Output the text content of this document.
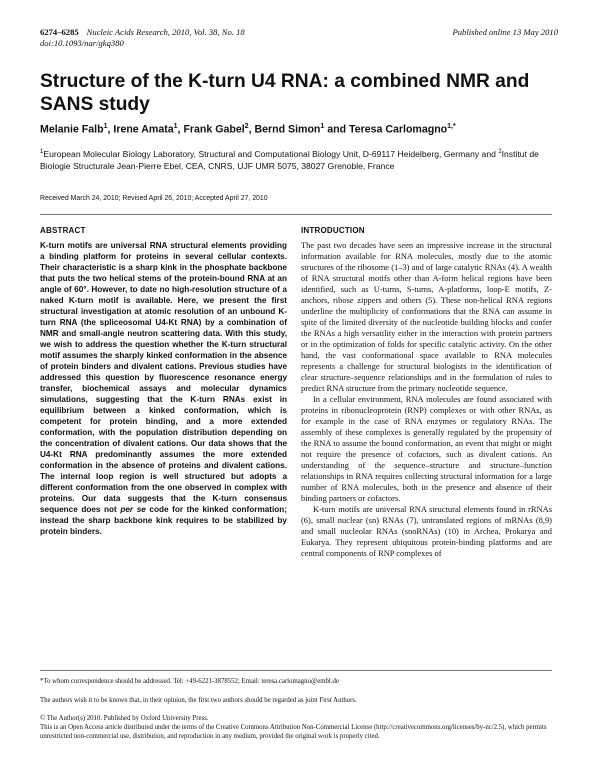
6274–6285 Nucleic Acids Research, 2010, Vol. 38, No. 18
doi:10.1093/nar/gkq380
Published online 13 May 2010
Structure of the K-turn U4 RNA: a combined NMR and SANS study
Melanie Falb$^1$, Irene Amata$^1$, Frank Gabel$^2$, Bernd Simon$^1$ and Teresa Carlomagno$^{1,*}$
$^1$European Molecular Biology Laboratory, Structural and Computational Biology Unit, D-69117 Heidelberg, Germany and $^2$Institut de Biologie Structurale Jean-Pierre Ebel, CEA, CNRS, UJF UMR 5075, 38027 Grenoble, France
Received March 24, 2010; Revised April 26, 2010; Accepted April 27, 2010
ABSTRACT

K-turn motifs are universal RNA structural elements providing a binding platform for proteins in several cellular contexts. Their characteristic is a sharp kink in the phosphate backbone that puts the two helical stems of the protein-bound RNA at an angle of 60°. However, to date no high-resolution structure of a naked K-turn motif is available. Here, we present the first structural investigation at atomic resolution of an unbound K-turn RNA (the spliceosomal U4-Kt RNA) by a combination of NMR and small-angle neutron scattering data. With this study, we wish to address the question whether the K-turn structural motif assumes the sharply kinked conformation in the absence of protein binders and divalent cations. Previous studies have addressed this question by fluorescence resonance energy transfer, biochemical assays and molecular dynamics simulations, suggesting that the K-turn RNAs exist in equilibrium between a kinked conformation, which is competent for protein binding, and a more extended conformation, with the population distribution depending on the concentration of divalent cations. Our data shows that the U4-Kt RNA predominantly assumes the more extended conformation in the absence of proteins and divalent cations. The internal loop region is well structured but adopts a different conformation from the one observed in complex with proteins. Our data suggests that the K-turn consensus sequence does not per se code for the kinked conformation; instead the sharp backbone kink requires to be stabilized by protein binders.

INTRODUCTION

The past two decades have seen an impressive increase in the structural information available for RNA molecules, mostly due to the atomic structures of the ribosome (1–3) and of large catalytic RNAs (4). A wealth of RNA structural motifs other than A-form helical regions have been identified, such as U-turns, S-turns, A-platforms, loop-E motifs, Z-anchors, ribose zippers and others (5). These non-helical RNA regions underline the multiplicity of conformations that the RNA can assume in spite of the limited diversity of the nucleotide building blocks and confer the RNAs a high versatility either in the interaction with protein partners or in the optimization of folds for specific catalytic activity. On the other hand, the vast conformational space available to RNA molecules represents a challenge for structural biologists in the identification of clear structure–sequence relationships and in the formulation of rules to predict RNA structure from the primary nucleotide sequence.

In a cellular environment, RNA molecules are found associated with proteins in ribonucleoprotein (RNP) complexes or with other RNAs, as for example in the case of RNA enzymes or regulatory RNAs. The assembly of these complexes is generally regulated by the propensity of the RNA to assume the bound conformation, an event that might or might not require the presence of cofactors, such as divalent cations. An understanding of the sequence–structure and structure–function relationships in RNA requires collecting structural information for a large number of RNA molecules, both in the presence and absence of their binding partners or cofactors.

K-turn motifs are universal RNA structural elements found in rRNAs (6), small nuclear (sn) RNAs (7), untranslated regions of mRNAs (8,9) and small nucleolar RNAs (snoRNAs) (10) in Archea, Prokarya and Eukarya. They represent ubiquitous protein-binding platforms and are central components of RNP complexes of

*To whom correspondence should be addressed. Tel: +49-6221-3878552; Email: teresa.carlomagno@embl.de
The authors wish it to be known that, in their opinion, the first two authors should be regarded as joint First Authors.
© The Author(s) 2010. Published by Oxford University Press.
This is an Open Access article distributed under the terms of the Creative Commons Attribution Non-Commercial License (http://creativecommons.org/licenses/by-nc/2.5), which permits unrestricted non-commercial use, distribution, and reproduction in any medium, provided the original work is properly cited.
